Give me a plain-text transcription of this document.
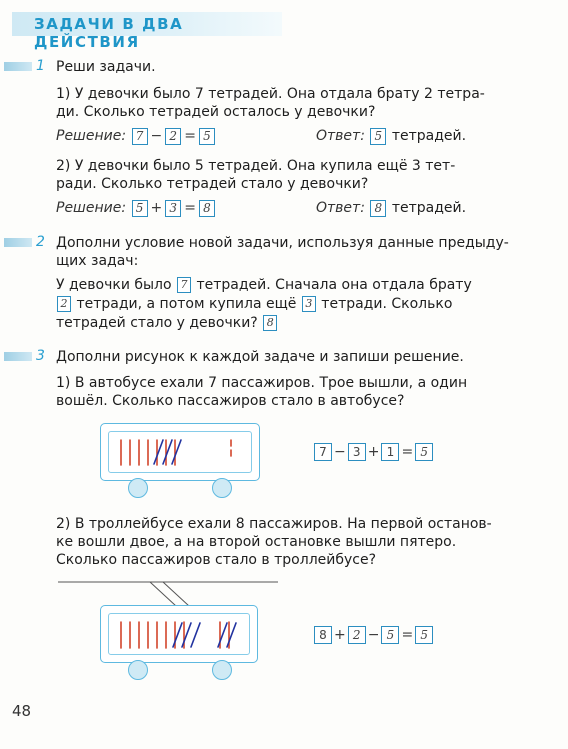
ЗАДАЧИ В ДВА ДЕЙСТВИЯ
1 Реши задачи.
1) У девочки было 7 тетрадей. Она отдала брату 2 тетра-
ди. Сколько тетрадей осталось у девочки?
Решение: 7 − 2 = 5	Ответ: 5 тетрадей.
2) У девочки было 5 тетрадей. Она купила ещё 3 тет-
ради. Сколько тетрадей стало у девочки?
Решение: 5 + 3 = 8	Ответ: 8 тетрадей.
2 Дополни условие новой задачи, используя данные предыду-
щих задач:
У девочки было 7 тетрадей. Сначала она отдала брату
2 тетради, а потом купила ещё 3 тетради. Сколько
тетрадей стало у девочки? 8
3 Дополни рисунок к каждой задаче и запиши решение.
1) В автобусе ехали 7 пассажиров. Трое вышли, а один
вошёл. Сколько пассажиров стало в автобусе?
7 − 3 + 1 = 5
2) В троллейбусе ехали 8 пассажиров. На первой останов-
ке вошли двое, а на второй остановке вышли пятеро.
Сколько пассажиров стало в троллейбусе?
8 + 2 − 5 = 5
48
